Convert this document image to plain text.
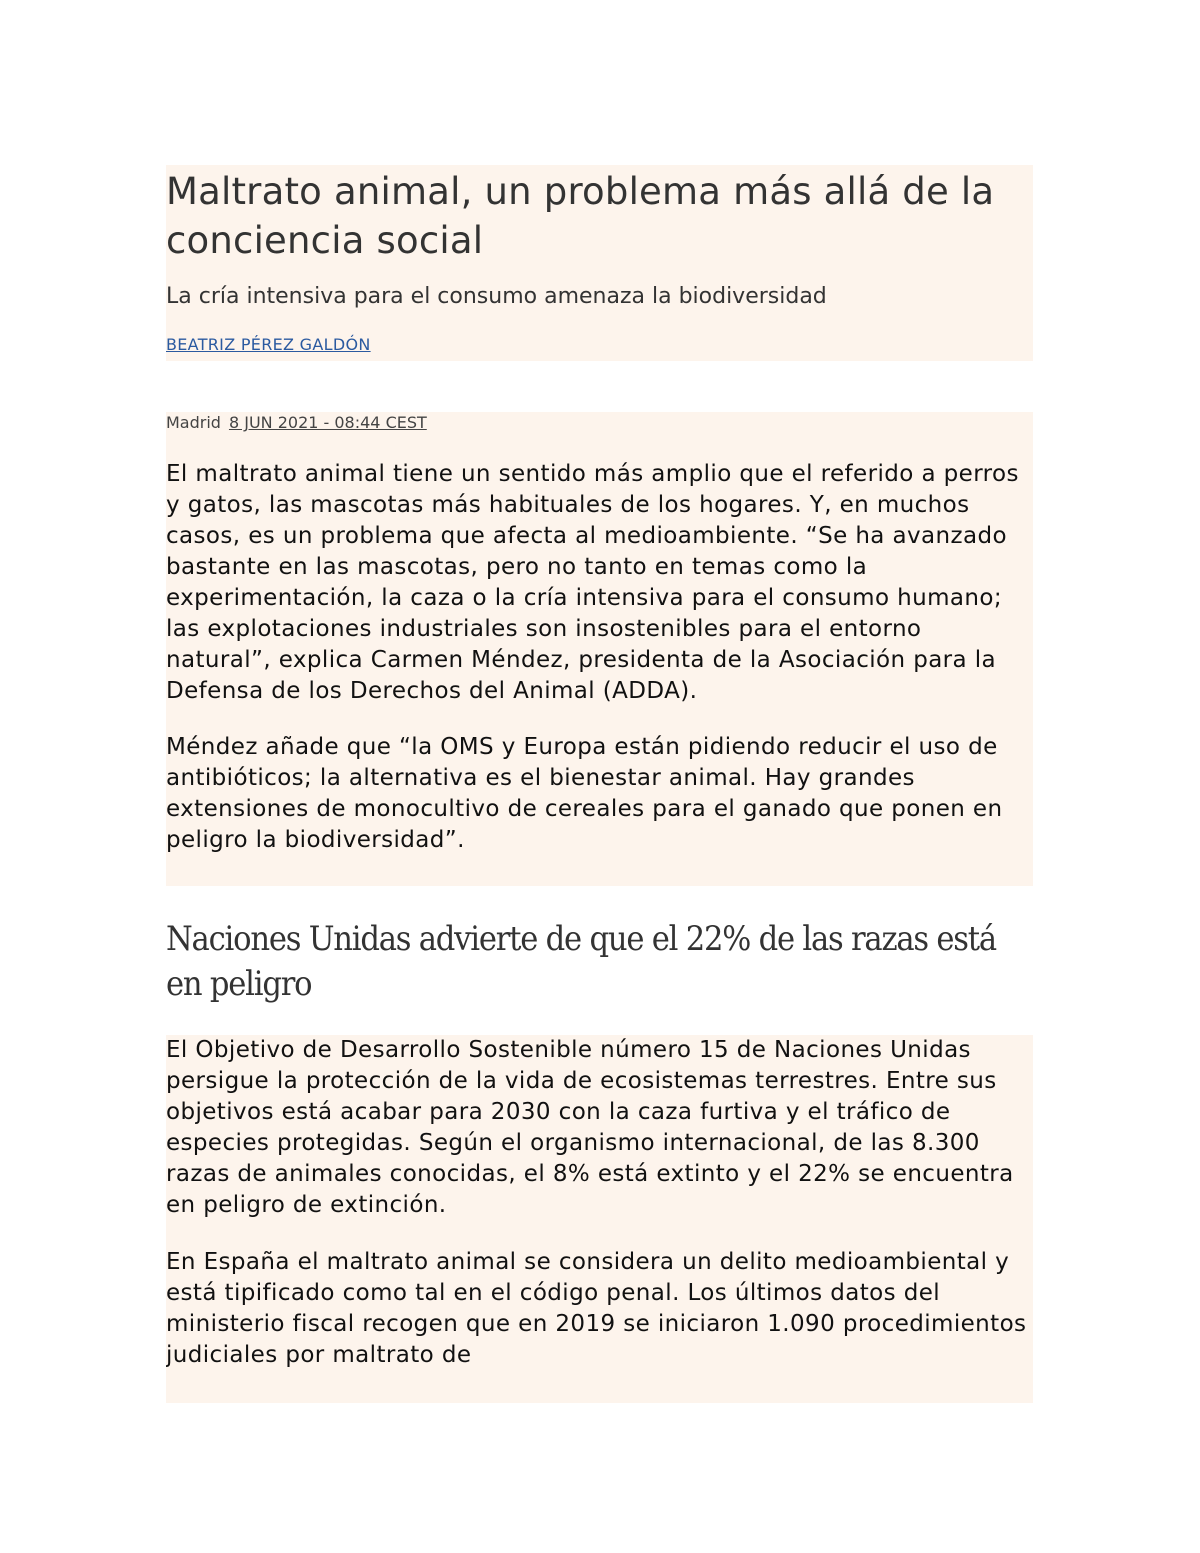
Maltrato animal, un problema más allá de la conciencia social

La cría intensiva para el consumo amenaza la biodiversidad

BEATRIZ PÉREZ GALDÓN
Madrid 8 JUN 2021 - 08:44 CEST

El maltrato animal tiene un sentido más amplio que el referido a perros y gatos, las mascotas más habituales de los hogares. Y, en muchos casos, es un problema que afecta al medioambiente. “Se ha avanzado bastante en las mascotas, pero no tanto en temas como la experimentación, la caza o la cría intensiva para el consumo humano; las explotaciones industriales son insostenibles para el entorno natural”, explica Carmen Méndez, presidenta de la Asociación para la Defensa de los Derechos del Animal (ADDA).

Méndez añade que “la OMS y Europa están pidiendo reducir el uso de antibióticos; la alternativa es el bienestar animal. Hay grandes extensiones de monocultivo de cereales para el ganado que ponen en peligro la biodiversidad”.

Naciones Unidas advierte de que el 22% de las razas está en peligro

El Objetivo de Desarrollo Sostenible número 15 de Naciones Unidas persigue la protección de la vida de ecosistemas terrestres. Entre sus objetivos está acabar para 2030 con la caza furtiva y el tráfico de especies protegidas. Según el organismo internacional, de las 8.300 razas de animales conocidas, el 8% está extinto y el 22% se encuentra en peligro de extinción.

En España el maltrato animal se considera un delito medioambiental y está tipificado como tal en el código penal. Los últimos datos del ministerio fiscal recogen que en 2019 se iniciaron 1.090 procedimientos judiciales por maltrato de
